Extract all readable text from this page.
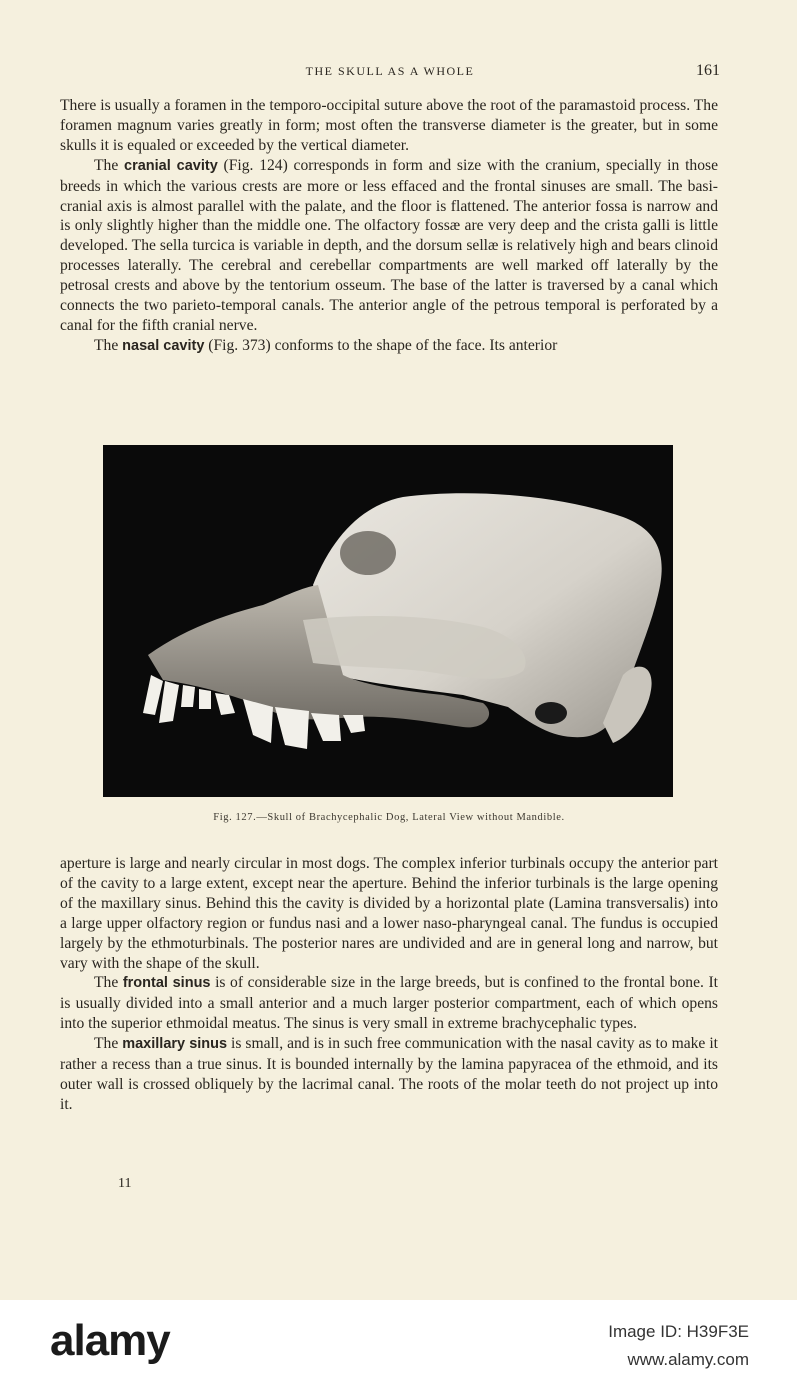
THE SKULL AS A WHOLE	161

There is usually a foramen in the temporo-occipital suture above the root of the paramastoid process. The foramen magnum varies greatly in form; most often the transverse diameter is the greater, but in some skulls it is equaled or exceeded by the vertical diameter.

The cranial cavity (Fig. 124) corresponds in form and size with the cranium, specially in those breeds in which the various crests are more or less effaced and the frontal sinuses are small. The basi-cranial axis is almost parallel with the palate, and the floor is flattened. The anterior fossa is narrow and is only slightly higher than the middle one. The olfactory fossæ are very deep and the crista galli is little developed. The sella turcica is variable in depth, and the dorsum sellæ is relatively high and bears clinoid processes laterally. The cerebral and cerebellar compartments are well marked off laterally by the petrosal crests and above by the tentorium osseum. The base of the latter is traversed by a canal which connects the two parieto-temporal canals. The anterior angle of the petrous temporal is perforated by a canal for the fifth cranial nerve.

The nasal cavity (Fig. 373) conforms to the shape of the face. Its anterior

Fig. 127.—Skull of Brachycephalic Dog, Lateral View without Mandible.

aperture is large and nearly circular in most dogs. The complex inferior turbinals occupy the anterior part of the cavity to a large extent, except near the aperture. Behind the inferior turbinals is the large opening of the maxillary sinus. Behind this the cavity is divided by a horizontal plate (Lamina transversalis) into a large upper olfactory region or fundus nasi and a lower naso-pharyngeal canal. The fundus is occupied largely by the ethmoturbinals. The posterior nares are undivided and are in general long and narrow, but vary with the shape of the skull.

The frontal sinus is of considerable size in the large breeds, but is confined to the frontal bone. It is usually divided into a small anterior and a much larger posterior compartment, each of which opens into the superior ethmoidal meatus. The sinus is very small in extreme brachycephalic types.

The maxillary sinus is small, and is in such free communication with the nasal cavity as to make it rather a recess than a true sinus. It is bounded internally by the lamina papyracea of the ethmoid, and its outer wall is crossed obliquely by the lacrimal canal. The roots of the molar teeth do not project up into it.

11
alamy	Image ID: H39F3E
www.alamy.com
